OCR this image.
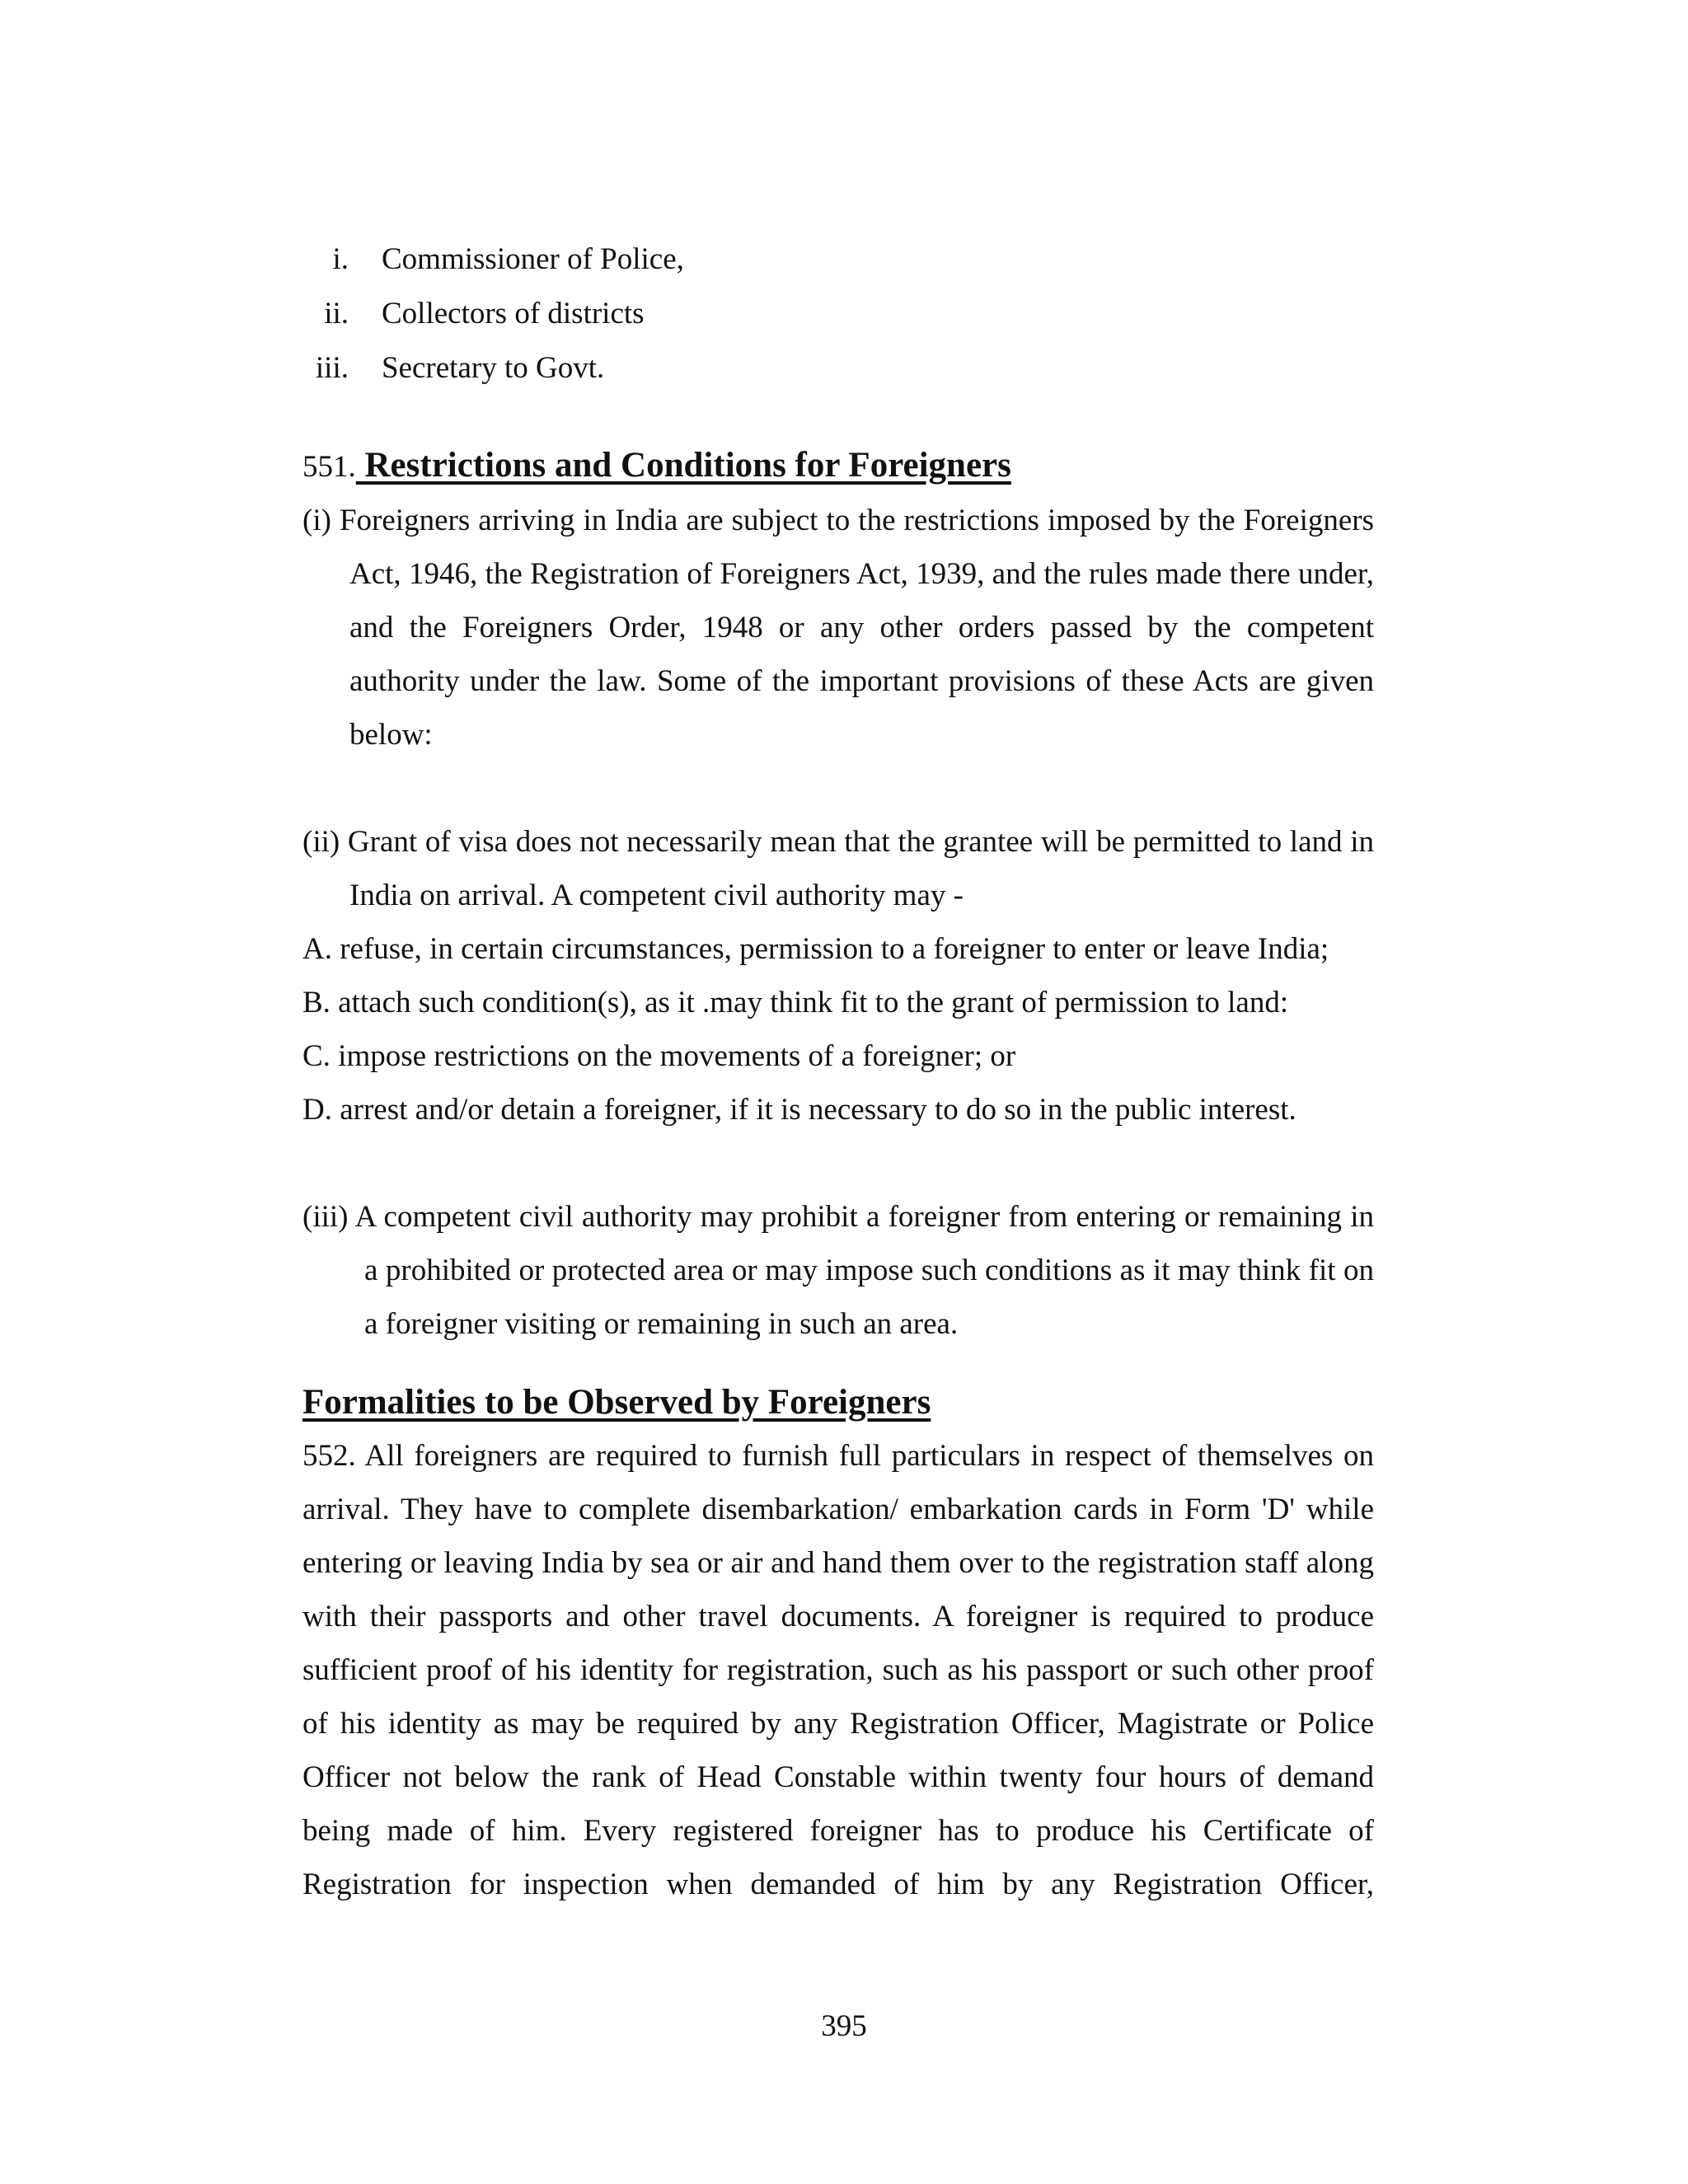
i.	Commissioner of Police,
ii.	Collectors of districts
iii.	Secretary to Govt.
551. Restrictions and Conditions for Foreigners

(i) Foreigners arriving in India are subject to the restrictions imposed by the Foreigners Act, 1946, the Registration of Foreigners Act, 1939, and the rules made there under, and the Foreigners Order, 1948 or any other orders passed by the competent authority under the law. Some of the important provisions of these Acts are given below:

(ii) Grant of visa does not necessarily mean that the grantee will be permitted to land in India on arrival. A competent civil authority may -

A. refuse, in certain circumstances, permission to a foreigner to enter or leave India;

B. attach such condition(s), as it .may think fit to the grant of permission to land:

C. impose restrictions on the movements of a foreigner; or

D. arrest and/or detain a foreigner, if it is necessary to do so in the public interest.

(iii) A competent civil authority may prohibit a foreigner from entering or remaining in a prohibited or protected area or may impose such conditions as it may think fit on a foreigner visiting or remaining in such an area.

Formalities to be Observed by Foreigners

552. All foreigners are required to furnish full particulars in respect of themselves on arrival. They have to complete disembarkation/ embarkation cards in Form 'D' while entering or leaving India by sea or air and hand them over to the registration staff along with their passports and other travel documents. A foreigner is required to produce sufficient proof of his identity for registration, such as his passport or such other proof of his identity as may be required by any Registration Officer, Magistrate or Police Officer not below the rank of Head Constable within twenty four hours of demand being made of him. Every registered foreigner has to produce his Certificate of Registration for inspection when demanded of him by any Registration Officer,

395
